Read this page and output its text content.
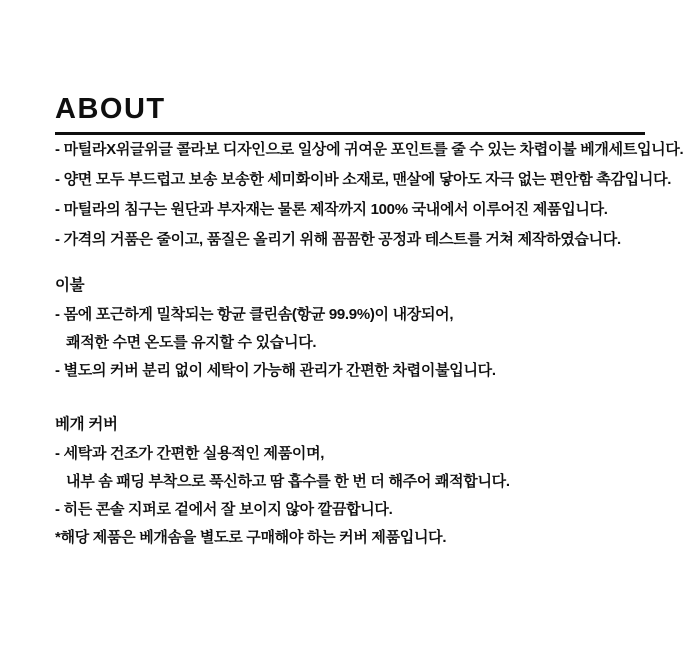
ABOUT

- 마틸라X위글위글 콜라보 디자인으로 일상에 귀여운 포인트를 줄 수 있는 차렵이불 베개세트입니다.

- 양면 모두 부드럽고 보송 보송한 세미화이바 소재로, 맨살에 닿아도 자극 없는 편안함 촉감입니다.

- 마틸라의 침구는 원단과 부자재는 물론 제작까지 100% 국내에서 이루어진 제품입니다.

- 가격의 거품은 줄이고, 품질은 올리기 위해 꼼꼼한 공정과 테스트를 거쳐 제작하였습니다.

이불

- 몸에 포근하게 밀착되는 항균 클린솜(항균 99.9%)이 내장되어,

쾌적한 수면 온도를 유지할 수 있습니다.

- 별도의 커버 분리 없이 세탁이 가능해 관리가 간편한 차렵이불입니다.

베개 커버

- 세탁과 건조가 간편한 실용적인 제품이며,

내부 솜 패딩 부착으로 푹신하고 땀 흡수를 한 번 더 해주어 쾌적합니다.

- 히든 콘솔 지퍼로 겉에서 잘 보이지 않아 깔끔합니다.

*해당 제품은 베개솜을 별도로 구매해야 하는 커버 제품입니다.
